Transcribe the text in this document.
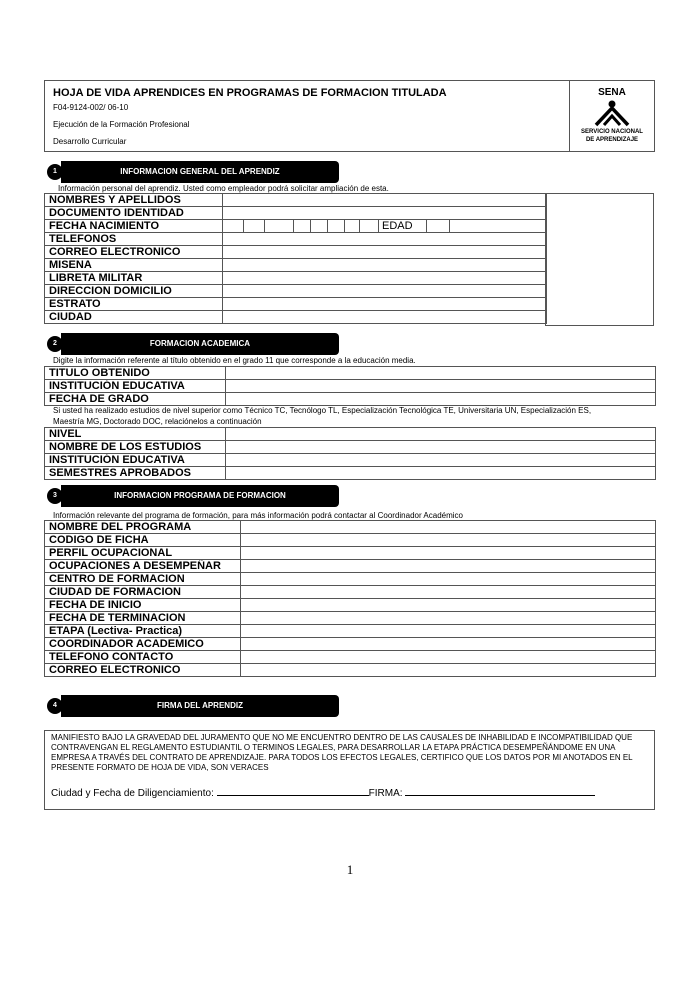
HOJA DE VIDA APRENDICES EN PROGRAMAS DE FORMACION TITULADA
F04-9124-002/ 06-10
Ejecución de la Formación Profesional
Desarrollo Curricular
SENA
SERVICIO NACIONAL
DE APRENDIZAJE
INFORMACION GENERAL DEL APRENDIZ
1
Información personal del aprendiz. Usted como empleador podrá solicitar ampliación de esta.
NOMBRES Y APELLIDOS	
DOCUMENTO IDENTIDAD	
FECHA NACIMIENTO	EDAD

TELEFONOS	
CORREO ELECTRONICO	
MISENA	
LIBRETA MILITAR	
DIRECCION DOMICILIO	
ESTRATO	
CIUDAD	
FORMACION ACADEMICA
2
Digite la información referente al título obtenido en el grado 11 que corresponde a la educación media.
TITULO OBTENIDO	
INSTITUCIÓN EDUCATIVA	
FECHA DE GRADO	
Si usted ha realizado estudios de nivel superior como Técnico TC, Tecnólogo TL, Especialización Tecnológica TE, Universitaria UN, Especialización ES,
Maestría MG, Doctorado DOC, relaciónelos a continuación
NIVEL	
NOMBRE DE LOS ESTUDIOS	
INSTITUCIÓN EDUCATIVA	
SEMESTRES APROBADOS	
INFORMACION PROGRAMA DE FORMACION
3
Información relevante del programa de formación, para más información podrá contactar al Coordinador Académico
NOMBRE DEL PROGRAMA	
CODIGO DE FICHA	
PERFIL OCUPACIONAL	
OCUPACIONES A DESEMPEÑAR	
CENTRO DE FORMACION	
CIUDAD DE FORMACION	
FECHA DE INICIO	
FECHA DE TERMINACION	
ETAPA (Lectiva- Practica)	
COORDINADOR ACADEMICO	
TELEFONO CONTACTO	
CORREO ELECTRONICO	
FIRMA DEL APRENDIZ
4
MANIFIESTO BAJO LA GRAVEDAD DEL JURAMENTO QUE NO ME ENCUENTRO DENTRO DE LAS CAUSALES DE INHABILIDAD E INCOMPATIBILIDAD QUE CONTRAVENGAN EL REGLAMENTO ESTUDIANTIL O TERMINOS LEGALES, PARA DESARROLLAR LA ETAPA PRÁCTICA DESEMPEÑÁNDOME EN UNA EMPRESA A TRAVÉS DEL CONTRATO DE APRENDIZAJE. PARA TODOS LOS EFECTOS LEGALES, CERTIFICO QUE LOS DATOS POR MI ANOTADOS EN EL PRESENTE FORMATO DE HOJA DE VIDA, SON VERACES
Ciudad y Fecha de Diligenciamiento:	FIRMA:
1
